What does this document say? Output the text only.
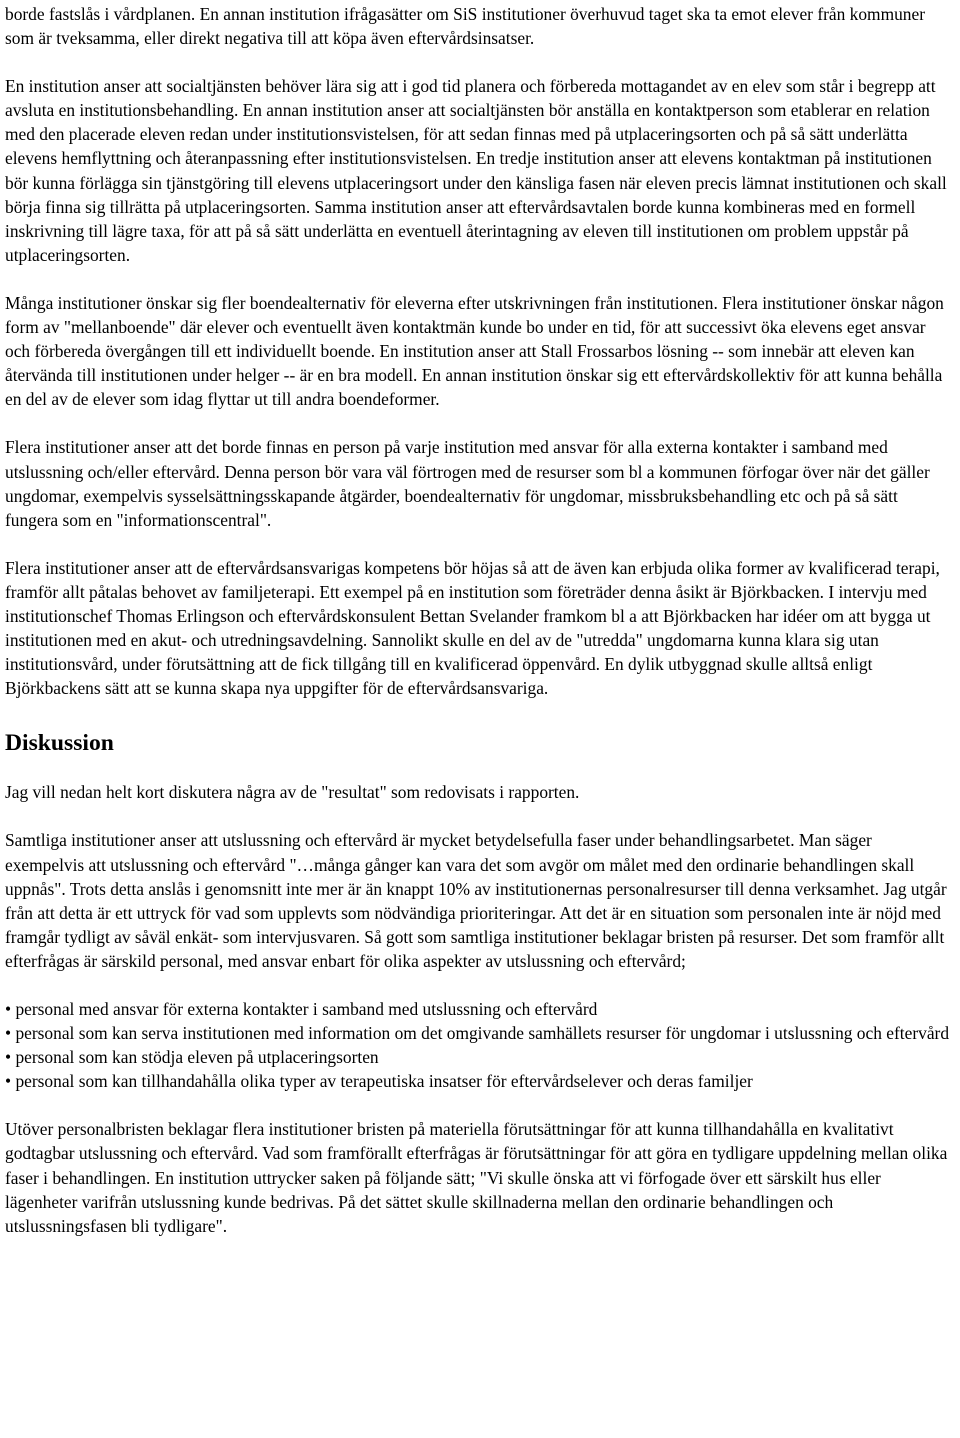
borde fastslås i vårdplanen. En annan institution ifrågasätter om SiS institutioner överhuvud taget ska ta emot elever från kommuner som är tveksamma, eller direkt negativa till att köpa även eftervårdsinsatser.

En institution anser att socialtjänsten behöver lära sig att i god tid planera och förbereda mottagandet av en elev som står i begrepp att avsluta en institutionsbehandling. En annan institution anser att socialtjänsten bör anställa en kontaktperson som etablerar en relation med den placerade eleven redan under institutionsvistelsen, för att sedan finnas med på utplaceringsorten och på så sätt underlätta elevens hemflyttning och återanpassning efter institutionsvistelsen. En tredje institution anser att elevens kontaktman på institutionen bör kunna förlägga sin tjänstgöring till elevens utplaceringsort under den känsliga fasen när eleven precis lämnat institutionen och skall börja finna sig tillrätta på utplaceringsorten. Samma institution anser att eftervårdsavtalen borde kunna kombineras med en formell inskrivning till lägre taxa, för att på så sätt underlätta en eventuell återintagning av eleven till institutionen om problem uppstår på utplaceringsorten.

Många institutioner önskar sig fler boendealternativ för eleverna efter utskrivningen från institutionen. Flera institutioner önskar någon form av "mellanboende" där elever och eventuellt även kontaktmän kunde bo under en tid, för att successivt öka elevens eget ansvar och förbereda övergången till ett individuellt boende. En institution anser att Stall Frossarbos lösning -- som innebär att eleven kan återvända till institutionen under helger -- är en bra modell. En annan institution önskar sig ett eftervårdskollektiv för att kunna behålla en del av de elever som idag flyttar ut till andra boendeformer.

Flera institutioner anser att det borde finnas en person på varje institution med ansvar för alla externa kontakter i samband med utslussning och/eller eftervård. Denna person bör vara väl förtrogen med de resurser som bl a kommunen förfogar över när det gäller ungdomar, exempelvis sysselsättningsskapande åtgärder, boendealternativ för ungdomar, missbruksbehandling etc och på så sätt fungera som en "informationscentral".

Flera institutioner anser att de eftervårdsansvarigas kompetens bör höjas så att de även kan erbjuda olika former av kvalificerad terapi, framför allt påtalas behovet av familjeterapi. Ett exempel på en institution som företräder denna åsikt är Björkbacken. I intervju med institutionschef Thomas Erlingson och eftervårdskonsulent Bettan Svelander framkom bl a att Björkbacken har idéer om att bygga ut institutionen med en akut- och utredningsavdelning. Sannolikt skulle en del av de "utredda" ungdomarna kunna klara sig utan institutionsvård, under förutsättning att de fick tillgång till en kvalificerad öppenvård. En dylik utbyggnad skulle alltså enligt Björkbackens sätt att se kunna skapa nya uppgifter för de eftervårdsansvariga.

Diskussion

Jag vill nedan helt kort diskutera några av de "resultat" som redovisats i rapporten.

Samtliga institutioner anser att utslussning och eftervård är mycket betydelsefulla faser under behandlingsarbetet. Man säger exempelvis att utslussning och eftervård "…många gånger kan vara det som avgör om målet med den ordinarie behandlingen skall uppnås". Trots detta anslås i genomsnitt inte mer är än knappt 10% av institutionernas personalresurser till denna verksamhet. Jag utgår från att detta är ett uttryck för vad som upplevts som nödvändiga prioriteringar. Att det är en situation som personalen inte är nöjd med framgår tydligt av såväl enkät- som intervjusvaren. Så gott som samtliga institutioner beklagar bristen på resurser. Det som framför allt efterfrågas är särskild personal, med ansvar enbart för olika aspekter av utslussning och eftervård;

• personal med ansvar för externa kontakter i samband med utslussning och eftervård
• personal som kan serva institutionen med information om det omgivande samhällets resurser för ungdomar i utslussning och eftervård
• personal som kan stödja eleven på utplaceringsorten
• personal som kan tillhandahålla olika typer av terapeutiska insatser för eftervårdselever och deras familjer

Utöver personalbristen beklagar flera institutioner bristen på materiella förutsättningar för att kunna tillhandahålla en kvalitativt godtagbar utslussning och eftervård. Vad som framförallt efterfrågas är förutsättningar för att göra en tydligare uppdelning mellan olika faser i behandlingen. En institution uttrycker saken på följande sätt; "Vi skulle önska att vi förfogade över ett särskilt hus eller lägenheter varifrån utslussning kunde bedrivas. På det sättet skulle skillnaderna mellan den ordinarie behandlingen och utslussningsfasen bli tydligare".
